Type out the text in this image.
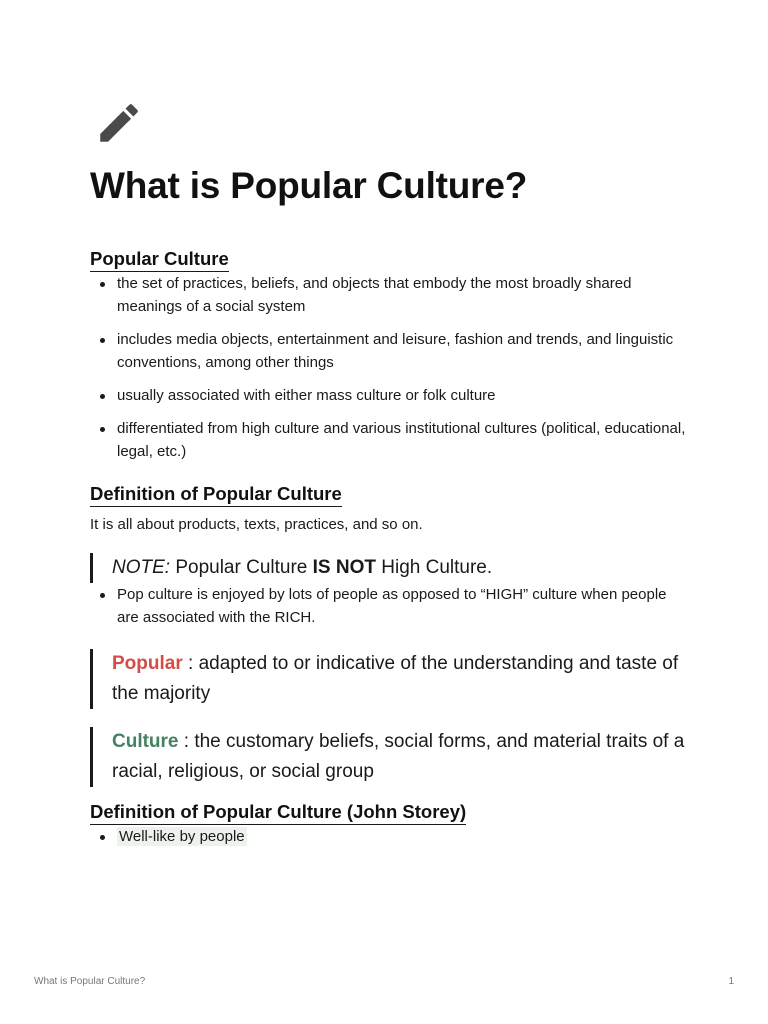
What is Popular Culture?
Popular Culture
the set of practices, beliefs, and objects that embody the most broadly shared meanings of a social system
includes media objects, entertainment and leisure, fashion and trends, and linguistic conventions, among other things
usually associated with either mass culture or folk culture
differentiated from high culture and various institutional cultures (political, educational, legal, etc.)
Definition of Popular Culture

It is all about products, texts, practices, and so on.

NOTE: Popular Culture IS NOT High Culture.
Pop culture is enjoyed by lots of people as opposed to “HIGH” culture when people are associated with the RICH.
Popular : adapted to or indicative of the understanding and taste of the majority
Culture : the customary beliefs, social forms, and material traits of a racial, religious, or social group
Definition of Popular Culture (John Storey)
Well-like by people
What is Popular Culture?	1
